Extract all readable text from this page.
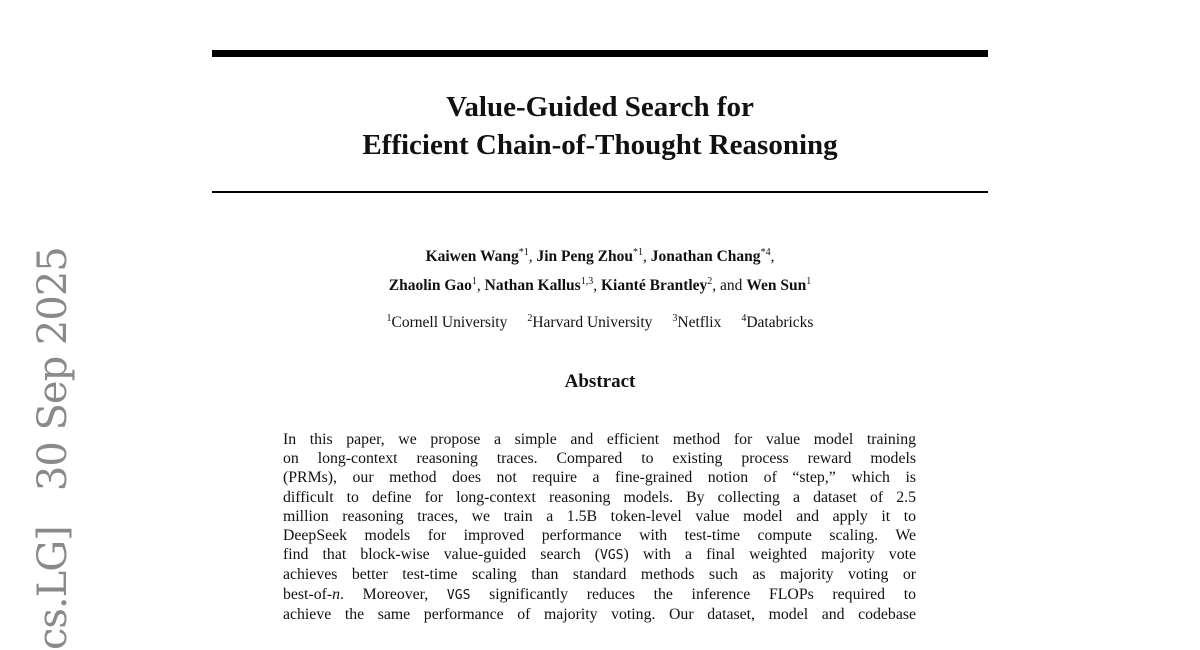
cs.LG]   30 Sep 2025
Value-Guided Search for
Efficient Chain-of-Thought Reasoning
Kaiwen Wang$^{*1}$, Jin Peng Zhou$^{*1}$, Jonathan Chang$^{*4}$,
Zhaolin Gao$^1$, Nathan Kallus$^{1,3}$, Kianté Brantley$^2$, and Wen Sun$^1$
$^1$Cornell University $^2$Harvard University $^3$Netflix $^4$Databricks
Abstract
In this paper, we propose a simple and efficient method for value model training
on long-context reasoning traces. Compared to existing process reward models
(PRMs), our method does not require a fine-grained notion of “step,” which is
difficult to define for long-context reasoning models. By collecting a dataset of 2.5
million reasoning traces, we train a 1.5B token-level value model and apply it to
DeepSeek models for improved performance with test-time compute scaling. We
find that block-wise value-guided search (VGS) with a final weighted majority vote
achieves better test-time scaling than standard methods such as majority voting or
best-of-n. Moreover, VGS significantly reduces the inference FLOPs required to
achieve the same performance of majority voting. Our dataset, model and codebase
